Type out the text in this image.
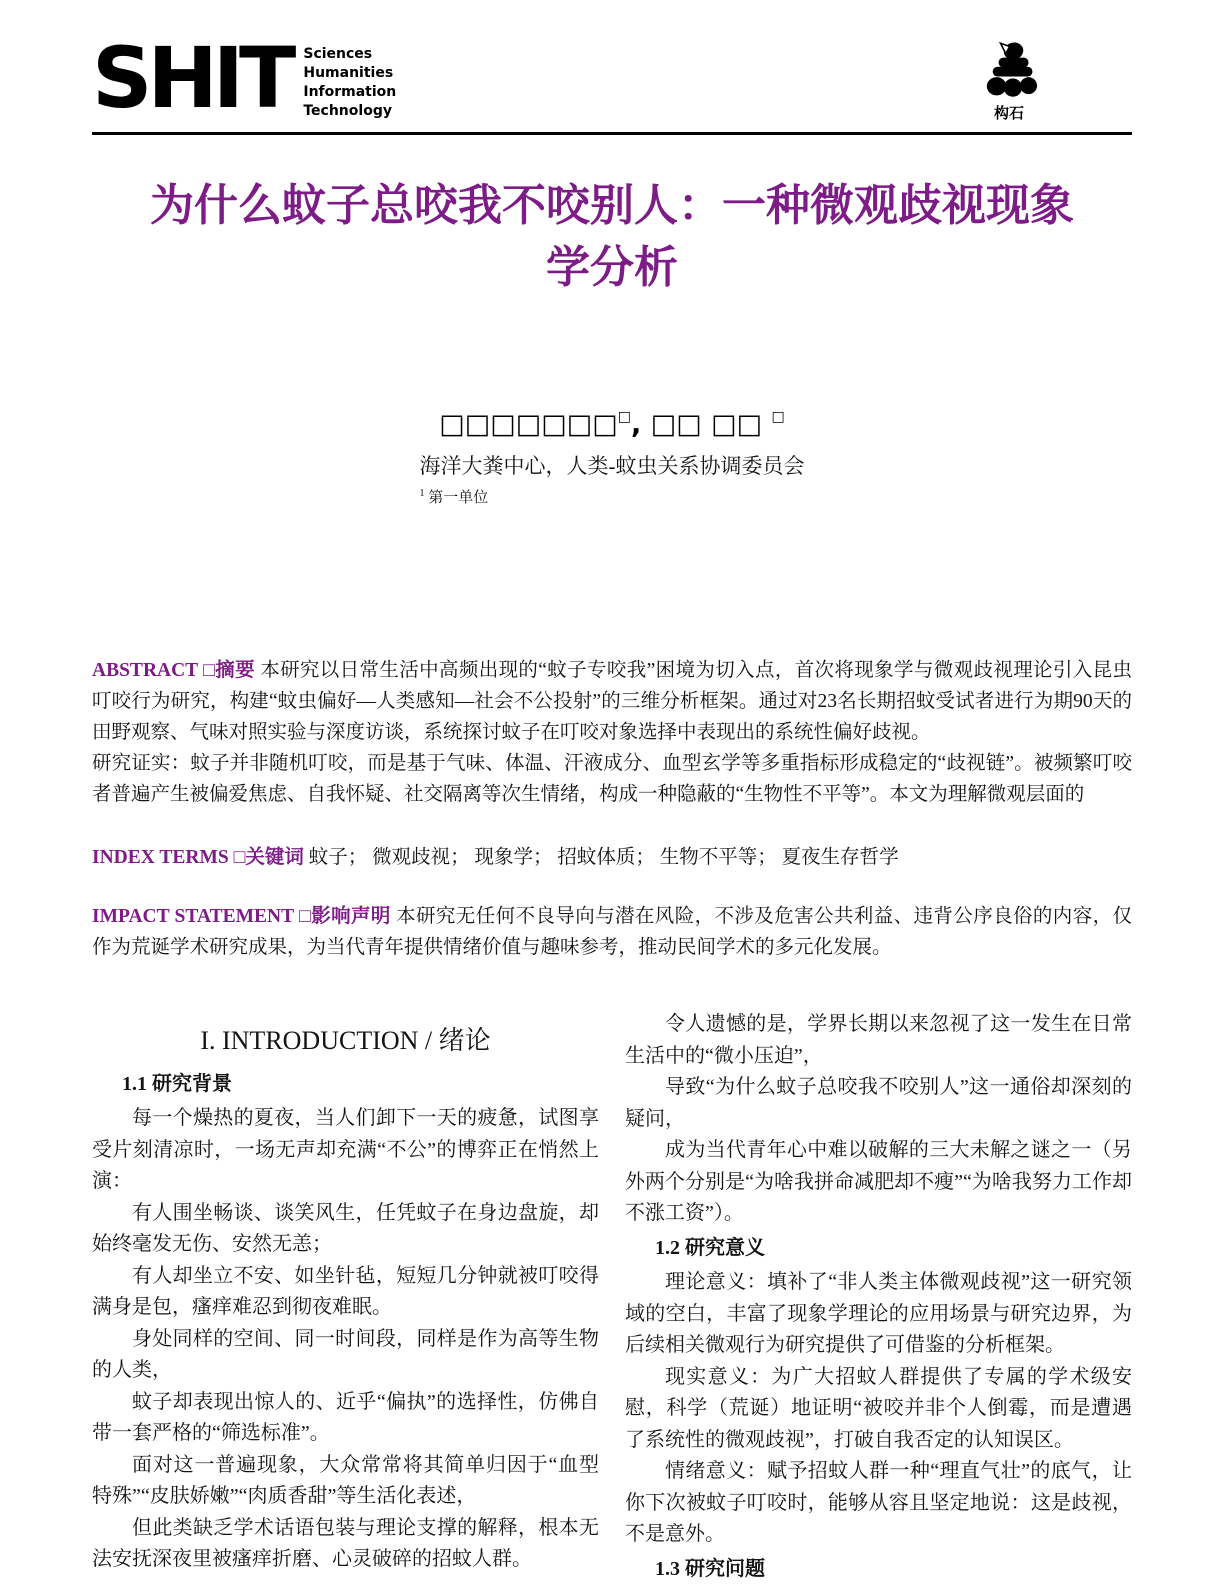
SHIT Sciences
Humanities
Information
Technology	构石
为什么蚊子总咬我不咬别人：一种微观歧视现象学分析
□□□□□□□□, □□ □□ □
海洋大粪中心，人类-蚊虫关系协调委员会
$^1$ 第一单位

ABSTRACT □摘要 本研究以日常生活中高频出现的“蚊子专咬我”困境为切入点，首次将现象学与微观歧视理论引入昆虫叮咬行为研究，构建“蚊虫偏好—人类感知—社会不公投射”的三维分析框架。通过对23名长期招蚊受试者进行为期90天的田野观察、气味对照实验与深度访谈，系统探讨蚊子在叮咬对象选择中表现出的系统性偏好歧视。

研究证实：蚊子并非随机叮咬，而是基于气味、体温、汗液成分、血型玄学等多重指标形成稳定的“歧视链”。被频繁叮咬者普遍产生被偏爱焦虑、自我怀疑、社交隔离等次生情绪，构成一种隐蔽的“生物性不平等”。本文为理解微观层面的

INDEX TERMS □关键词 蚊子； 微观歧视； 现象学； 招蚊体质； 生物不平等； 夏夜生存哲学

IMPACT STATEMENT □影响声明 本研究无任何不良导向与潜在风险，不涉及危害公共利益、违背公序良俗的内容，仅作为荒诞学术研究成果，为当代青年提供情绪价值与趣味参考，推动民间学术的多元化发展。

I. INTRODUCTION / 绪论
1.1 研究背景

每一个燥热的夏夜，当人们卸下一天的疲惫，试图享受片刻清凉时，一场无声却充满“不公”的博弈正在悄然上演：

有人围坐畅谈、谈笑风生，任凭蚊子在身边盘旋，却始终毫发无伤、安然无恙；

有人却坐立不安、如坐针毡，短短几分钟就被叮咬得满身是包，瘙痒难忍到彻夜难眠。

身处同样的空间、同一时间段，同样是作为高等生物的人类，

蚊子却表现出惊人的、近乎“偏执”的选择性，仿佛自带一套严格的“筛选标准”。

面对这一普遍现象，大众常常将其简单归因于“血型特殊”“皮肤娇嫩”“肉质香甜”等生活化表述，

但此类缺乏学术话语包装与理论支撑的解释，根本无法安抚深夜里被瘙痒折磨、心灵破碎的招蚊人群。

令人遗憾的是，学界长期以来忽视了这一发生在日常生活中的“微小压迫”，

导致“为什么蚊子总咬我不咬别人”这一通俗却深刻的疑问，

成为当代青年心中难以破解的三大未解之谜之一（另外两个分别是“为啥我拼命减肥却不瘦”“为啥我努力工作却不涨工资”）。

1.2 研究意义

理论意义：填补了“非人类主体微观歧视”这一研究领域的空白，丰富了现象学理论的应用场景与研究边界，为后续相关微观行为研究提供了可借鉴的分析框架。

现实意义：为广大招蚊人群提供了专属的学术级安慰，科学（荒诞）地证明“被咬并非个人倒霉，而是遭遇了系统性的微观歧视”，打破自我否定的认知误区。

情绪意义：赋予招蚊人群一种“理直气壮”的底气，让你下次被蚊子叮咬时，能够从容且坚定地说：这是歧视，不是意外。

1.3 研究问题
